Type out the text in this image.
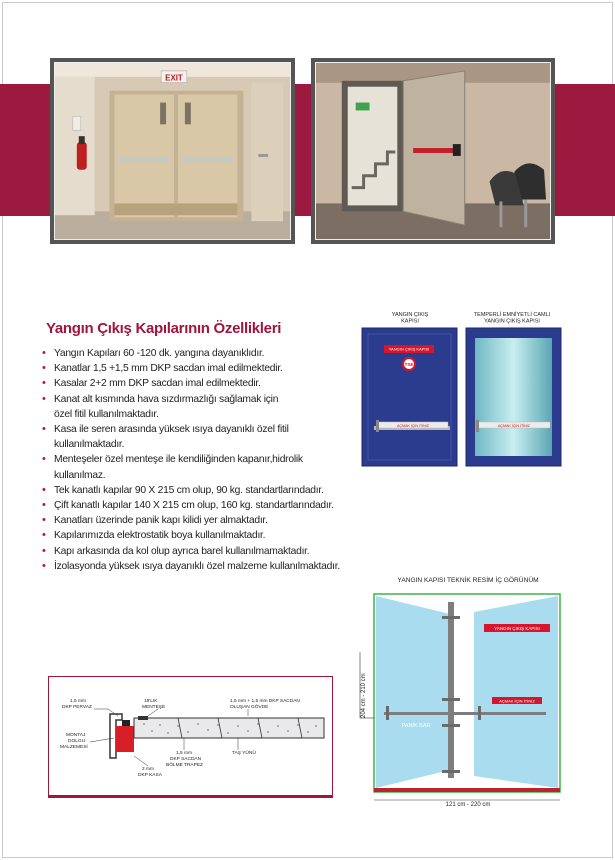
EXIT
Yangın Çıkış Kapılarının Özellikleri
• Yangın Kapıları 60 -120 dk. yangına dayanıklıdır.
• Kanatlar 1,5 +1,5 mm DKP sacdan imal edilmektedir.
• Kasalar 2+2 mm DKP sacdan imal edilmektedir.
• Kanat alt kısmında hava sızdırmazlığı sağlamak için
özel fitil kullanılmaktadır.
• Kasa ile seren arasında yüksek ısıya dayanıklı özel fitil
kullanılmaktadır.
• Menteşeler özel menteşe ile kendiliğinden kapanır,hidrolik
kullanılmaz.
• Tek kanatlı kapılar 90 X 215 cm olup, 90 kg. standartlarındadır.
• Çift kanatlı kapılar 140 X 215 cm olup, 160 kg. standartlarındadır.
• Kanatları üzerinde panik kapı kilidi yer almaktadır.
• Kapılarımızda elektrostatik boya kullanılmaktadır.
• Kapı arkasında da kol olup ayrıca barel kullanılmamaktadır.
• İzolasyonda yüksek ısıya dayanıklı özel malzeme kullanılmaktadır.
YANGIN ÇIKIŞ
KAPISI
YANGIN ÇIKIŞ KAPISI
TSE
AÇMAK İÇİN İTİNİZ
TEMPERLİ EMNİYETLİ CAMLI
YANGIN ÇIKIŞ KAPISI
AÇMAK İÇİN İTİNİZ
YANGIN KAPISI TEKNİK RESİM İÇ GÖRÜNÜM
PANİK BAR
YANGIN ÇIKIŞ KAPISI
AÇMAK İÇİN İTİNİZ
204 cm - 210 cm
121 cm - 220 cm
1,5 mm
DKP PERVAZ
16'LIK
MENTEŞE
1,5 mm + 1,5 mm DKP SACDAN
OLUŞAN GÖVDE
MONTAJ
DOLGU
MALZEMESİ
1,5 mm
DKP SACDAN
BÖLME TRAPEZ
TAŞ YÜNÜ
2 mm
DKP KASA
